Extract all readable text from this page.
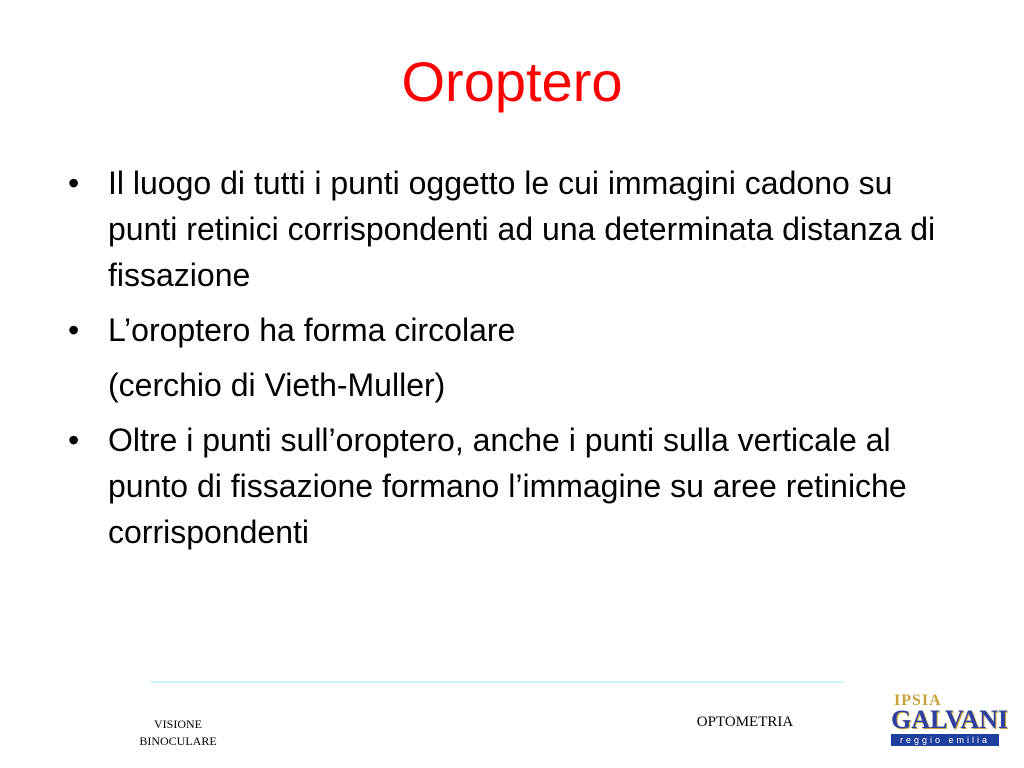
Oroptero
• Il luogo di tutti i punti oggetto le cui immagini cadono su punti retinici corrispondenti ad una determinata distanza di fissazione
• L’oroptero ha forma circolare
(cerchio di Vieth-Muller)
• Oltre i punti sull’oroptero, anche i punti sulla verticale al punto di fissazione formano l’immagine su aree retiniche corrispondenti
VISIONE
BINOCULARE
OPTOMETRIA
IPSIA
GALVANI
reggio emilia
